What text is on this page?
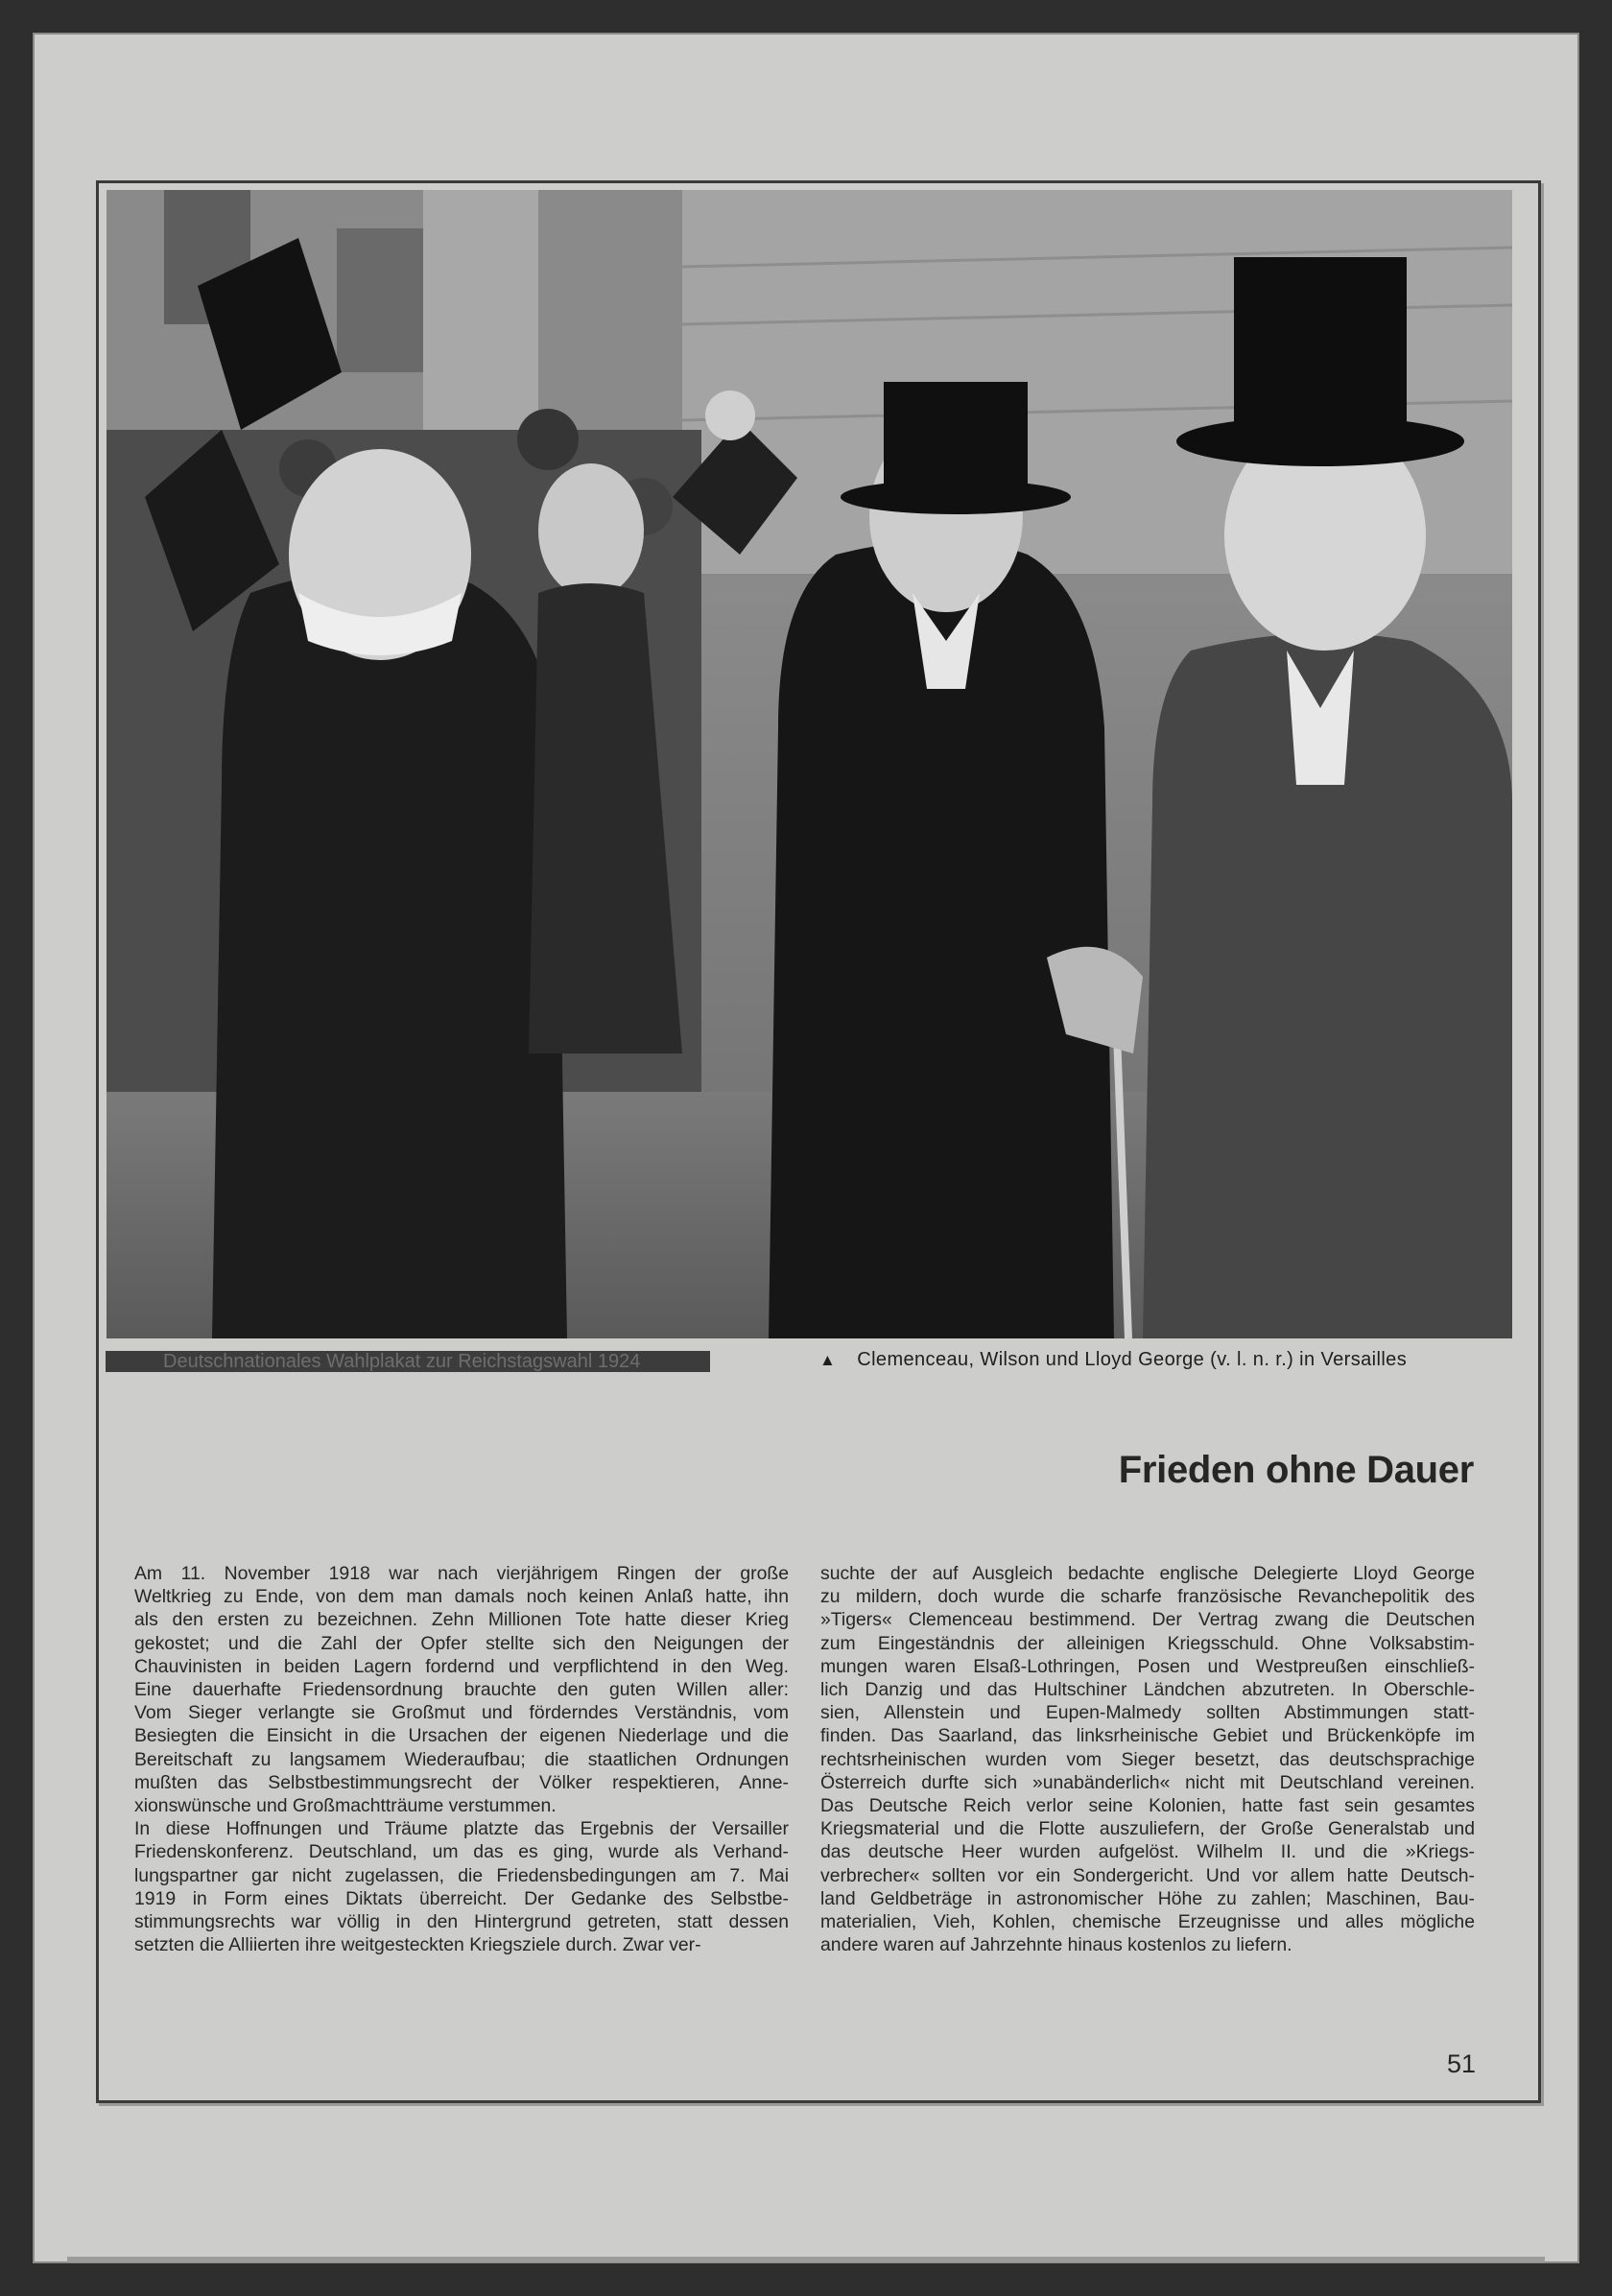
Deutschnationales Wahlplakat zur Reichstagswahl 1924	▲ Clemenceau, Wilson und Lloyd George (v. l. n. r.) in Versailles
Frieden ohne Dauer

Am 11. November 1918 war nach vierjährigem Ringen der große

Weltkrieg zu Ende, von dem man damals noch keinen Anlaß hatte, ihn

als den ersten zu bezeichnen. Zehn Millionen Tote hatte dieser Krieg

gekostet; und die Zahl der Opfer stellte sich den Neigungen der

Chauvinisten in beiden Lagern fordernd und verpflichtend in den Weg.

Eine dauerhafte Friedensordnung brauchte den guten Willen aller:

Vom Sieger verlangte sie Großmut und förderndes Verständnis, vom

Besiegten die Einsicht in die Ursachen der eigenen Niederlage und die

Bereitschaft zu langsamem Wiederaufbau; die staatlichen Ordnungen

mußten das Selbstbestimmungsrecht der Völker respektieren, Anne-

xionswünsche und Großmachtträume verstummen.

In diese Hoffnungen und Träume platzte das Ergebnis der Versailler

Friedenskonferenz. Deutschland, um das es ging, wurde als Verhand-

lungspartner gar nicht zugelassen, die Friedensbedingungen am 7. Mai

1919 in Form eines Diktats überreicht. Der Gedanke des Selbstbe-

stimmungsrechts war völlig in den Hintergrund getreten, statt dessen

setzten die Alliierten ihre weitgesteckten Kriegsziele durch. Zwar ver-

suchte der auf Ausgleich bedachte englische Delegierte Lloyd George

zu mildern, doch wurde die scharfe französische Revanchepolitik des

»Tigers« Clemenceau bestimmend. Der Vertrag zwang die Deutschen

zum Eingeständnis der alleinigen Kriegsschuld. Ohne Volksabstim-

mungen waren Elsaß-Lothringen, Posen und Westpreußen einschließ-

lich Danzig und das Hultschiner Ländchen abzutreten. In Oberschle-

sien, Allenstein und Eupen-Malmedy sollten Abstimmungen statt-

finden. Das Saarland, das linksrheinische Gebiet und Brückenköpfe im

rechtsrheinischen wurden vom Sieger besetzt, das deutschsprachige

Österreich durfte sich »unabänderlich« nicht mit Deutschland vereinen.

Das Deutsche Reich verlor seine Kolonien, hatte fast sein gesamtes

Kriegsmaterial und die Flotte auszuliefern, der Große Generalstab und

das deutsche Heer wurden aufgelöst. Wilhelm II. und die »Kriegs-

verbrecher« sollten vor ein Sondergericht. Und vor allem hatte Deutsch-

land Geldbeträge in astronomischer Höhe zu zahlen; Maschinen, Bau-

materialien, Vieh, Kohlen, chemische Erzeugnisse und alles mögliche

andere waren auf Jahrzehnte hinaus kostenlos zu liefern.

51
